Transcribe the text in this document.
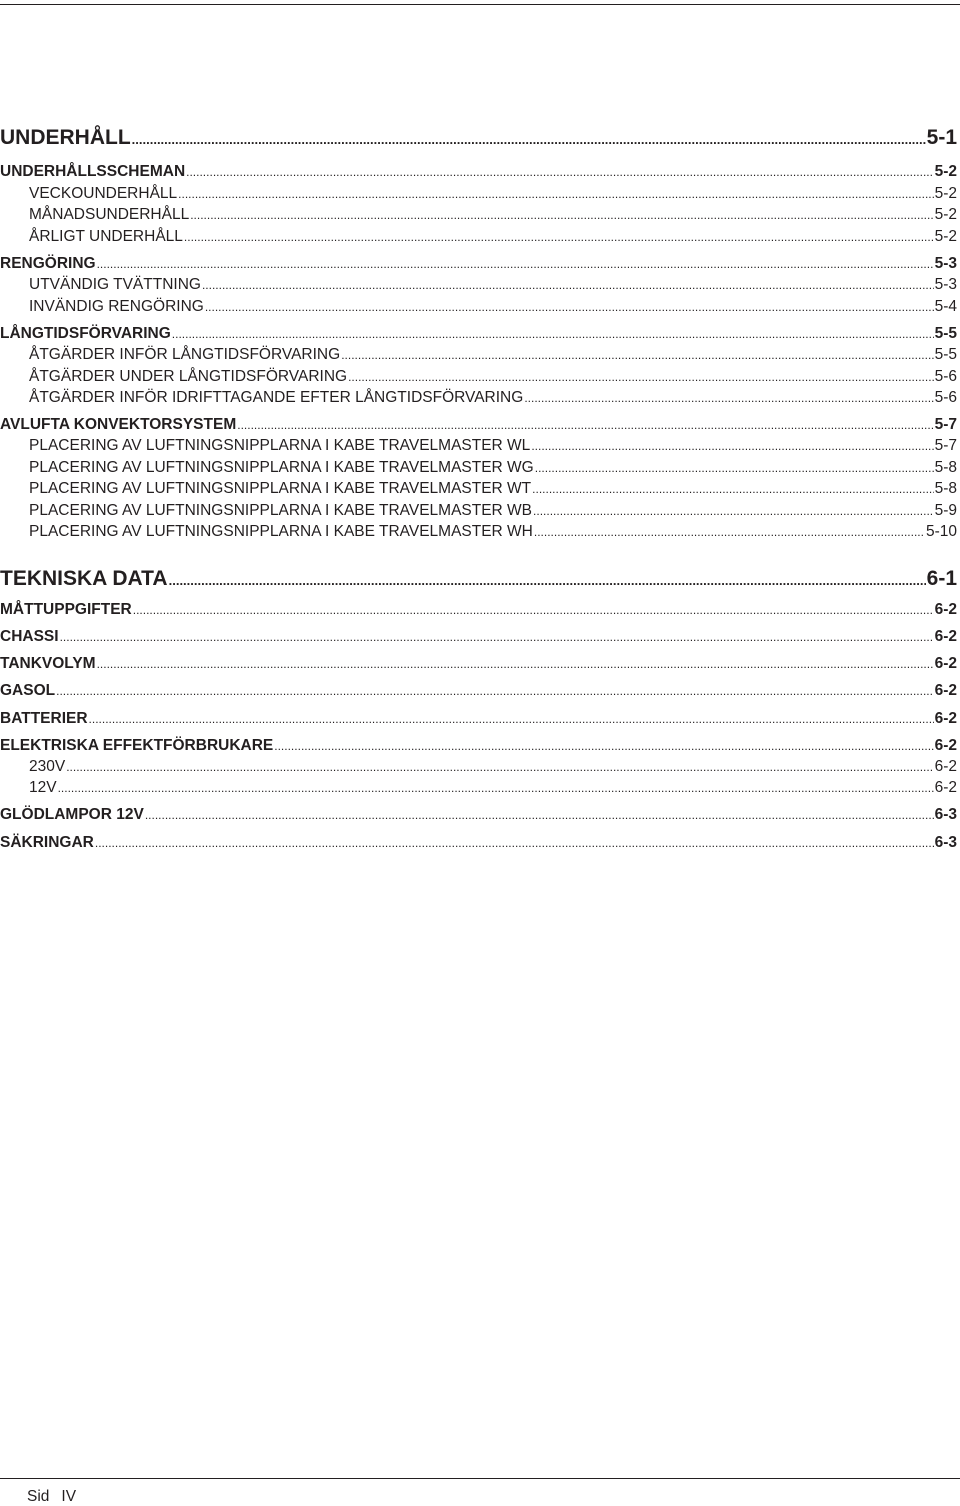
UNDERHÅLL .....	5-1
UNDERHÅLLSSCHEMAN .....	5-2
VECKOUNDERHÅLL .....	5-2
MÅNADSUNDERHÅLL .....	5-2
ÅRLIGT UNDERHÅLL .....	5-2
RENGÖRING .....	5-3
UTVÄNDIG TVÄTTNING .....	5-3
INVÄNDIG RENGÖRING .....	5-4
LÅNGTIDSFÖRVARING .....	5-5
ÅTGÄRDER INFÖR LÅNGTIDSFÖRVARING .....	5-5
ÅTGÄRDER UNDER LÅNGTIDSFÖRVARING .....	5-6
ÅTGÄRDER INFÖR IDRIFTTAGANDE EFTER LÅNGTIDSFÖRVARING .....	5-6
AVLUFTA KONVEKTORSYSTEM .....	5-7
PLACERING AV LUFTNINGSNIPPLARNA I KABE TRAVELMASTER WL .....	5-7
PLACERING AV LUFTNINGSNIPPLARNA I KABE TRAVELMASTER WG .....	5-8
PLACERING AV LUFTNINGSNIPPLARNA I KABE TRAVELMASTER WT .....	5-8
PLACERING AV LUFTNINGSNIPPLARNA I KABE TRAVELMASTER WB .....	5-9
PLACERING AV LUFTNINGSNIPPLARNA I KABE TRAVELMASTER WH .....	5-10
TEKNISKA DATA .....	6-1
MÅTTUPPGIFTER .....	6-2
CHASSI .....	6-2
TANKVOLYM .....	6-2
GASOL .....	6-2
BATTERIER .....	6-2
ELEKTRISKA EFFEKTFÖRBRUKARE .....	6-2
230V .....	6-2
12V .....	6-2
GLÖDLAMPOR 12V .....	6-3
SÄKRINGAR .....	6-3
Sid IV
